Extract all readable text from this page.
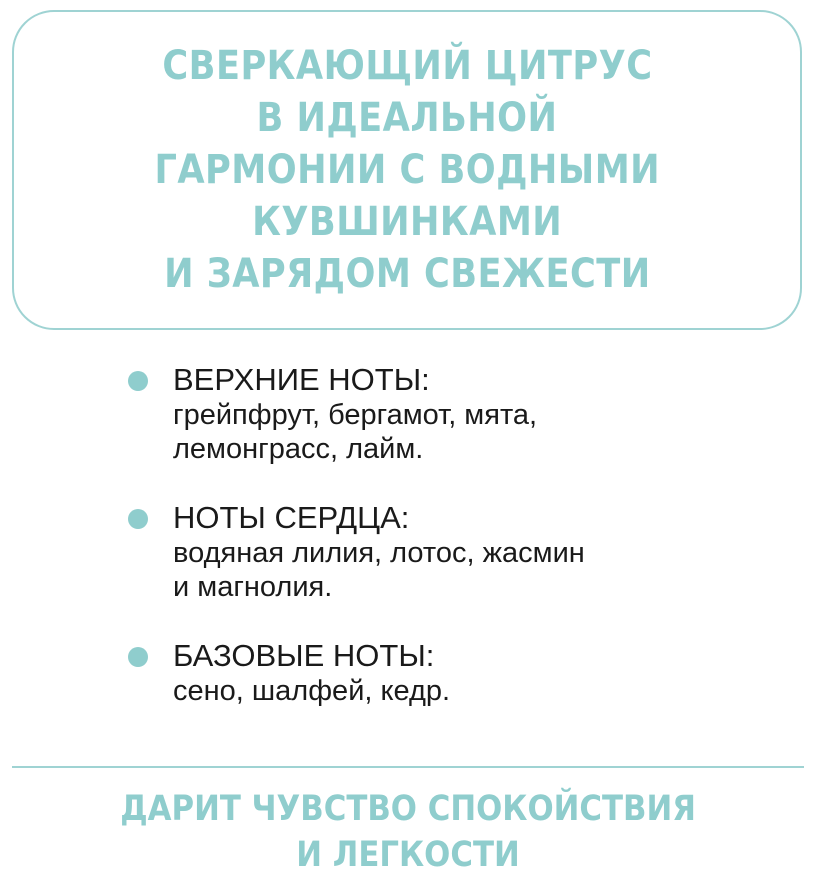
СВЕРКАЮЩИЙ ЦИТРУС
В ИДЕАЛЬНОЙ
ГАРМОНИИ С ВОДНЫМИ
КУВШИНКАМИ
И ЗАРЯДОМ СВЕЖЕСТИ
ВЕРХНИЕ НОТЫ:
грейпфрут, бергамот, мята,
лемонграсс, лайм.
НОТЫ СЕРДЦА:
водяная лилия, лотос, жасмин
и магнолия.
БАЗОВЫЕ НОТЫ:
сено, шалфей, кедр.
ДАРИТ ЧУВСТВО СПОКОЙСТВИЯ
И ЛЕГКОСТИ
